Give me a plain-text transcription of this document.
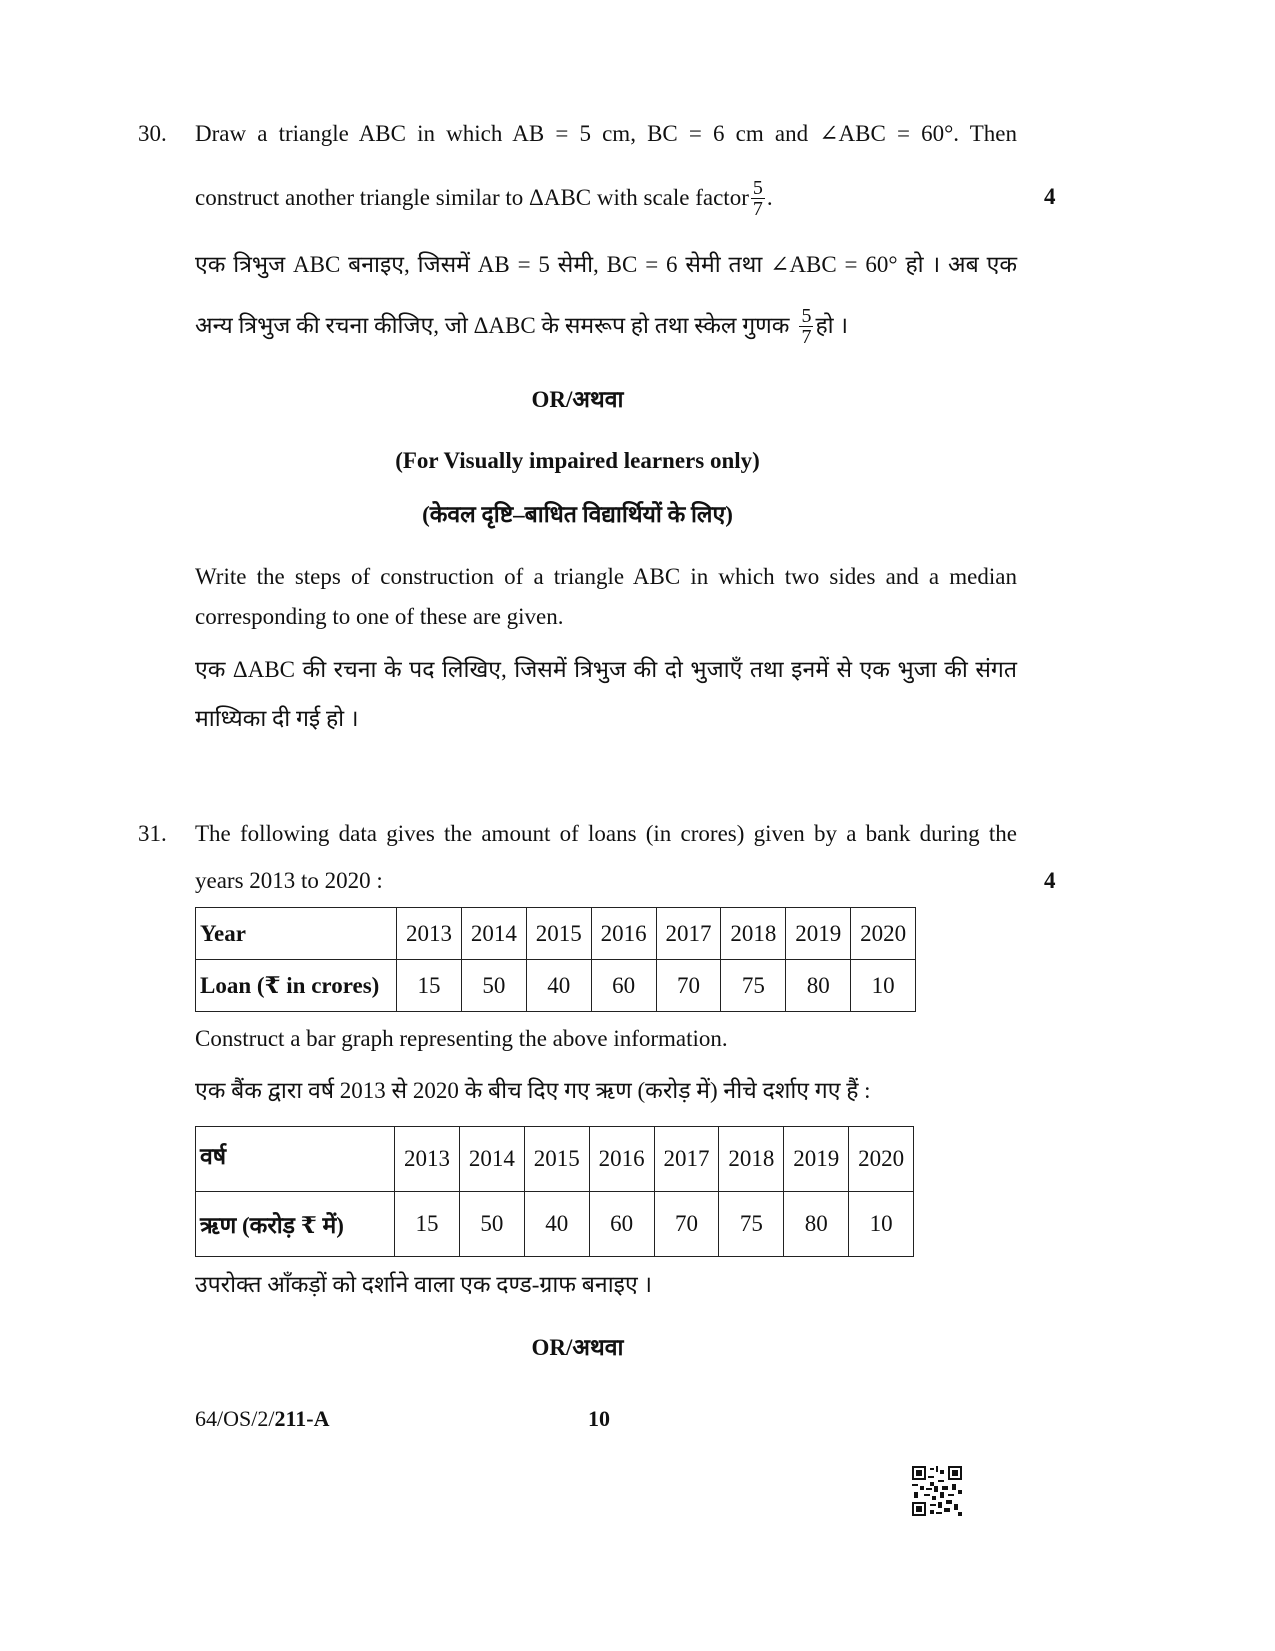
30. Draw a triangle ABC in which AB = 5 cm, BC = 6 cm and ∠ABC = 60°. Then
construct another triangle similar to ΔABC with scale factor $\frac{5}{7}$ .	4
एक त्रिभुज ABC बनाइए, जिसमें AB = 5 सेमी, BC = 6 सेमी तथा ∠ABC = 60° हो । अब एक
अन्य त्रिभुज की रचना कीजिए, जो ΔABC के समरूप हो तथा स्केल गुणक $\frac{5}{7}$ हो ।
OR/अथवा
(For Visually impaired learners only)
(केवल दृष्टि–बाधित विद्यार्थियों के लिए)
Write the steps of construction of a triangle ABC in which two sides and a median
corresponding to one of these are given.
एक ΔABC की रचना के पद लिखिए, जिसमें त्रिभुज की दो भुजाएँ तथा इनमें से एक भुजा की संगत
माध्यिका दी गई हो ।
31. The following data gives the amount of loans (in crores) given by a bank during the
years 2013 to 2020 :	4
Year	2013	2014	2015	2016	2017	2018	2019	2020
Loan (₹ in crores)	15	50	40	60	70	75	80	10
Construct a bar graph representing the above information.
एक बैंक द्वारा वर्ष 2013 से 2020 के बीच दिए गए ऋण (करोड़ में) नीचे दर्शाए गए हैं :
वर्ष	2013	2014	2015	2016	2017	2018	2019	2020
ऋण (करोड़ ₹ में)	15	50	40	60	70	75	80	10
उपरोक्त आँकड़ों को दर्शाने वाला एक दण्ड-ग्राफ बनाइए ।
OR/अथवा
64/OS/2/211-A	10
